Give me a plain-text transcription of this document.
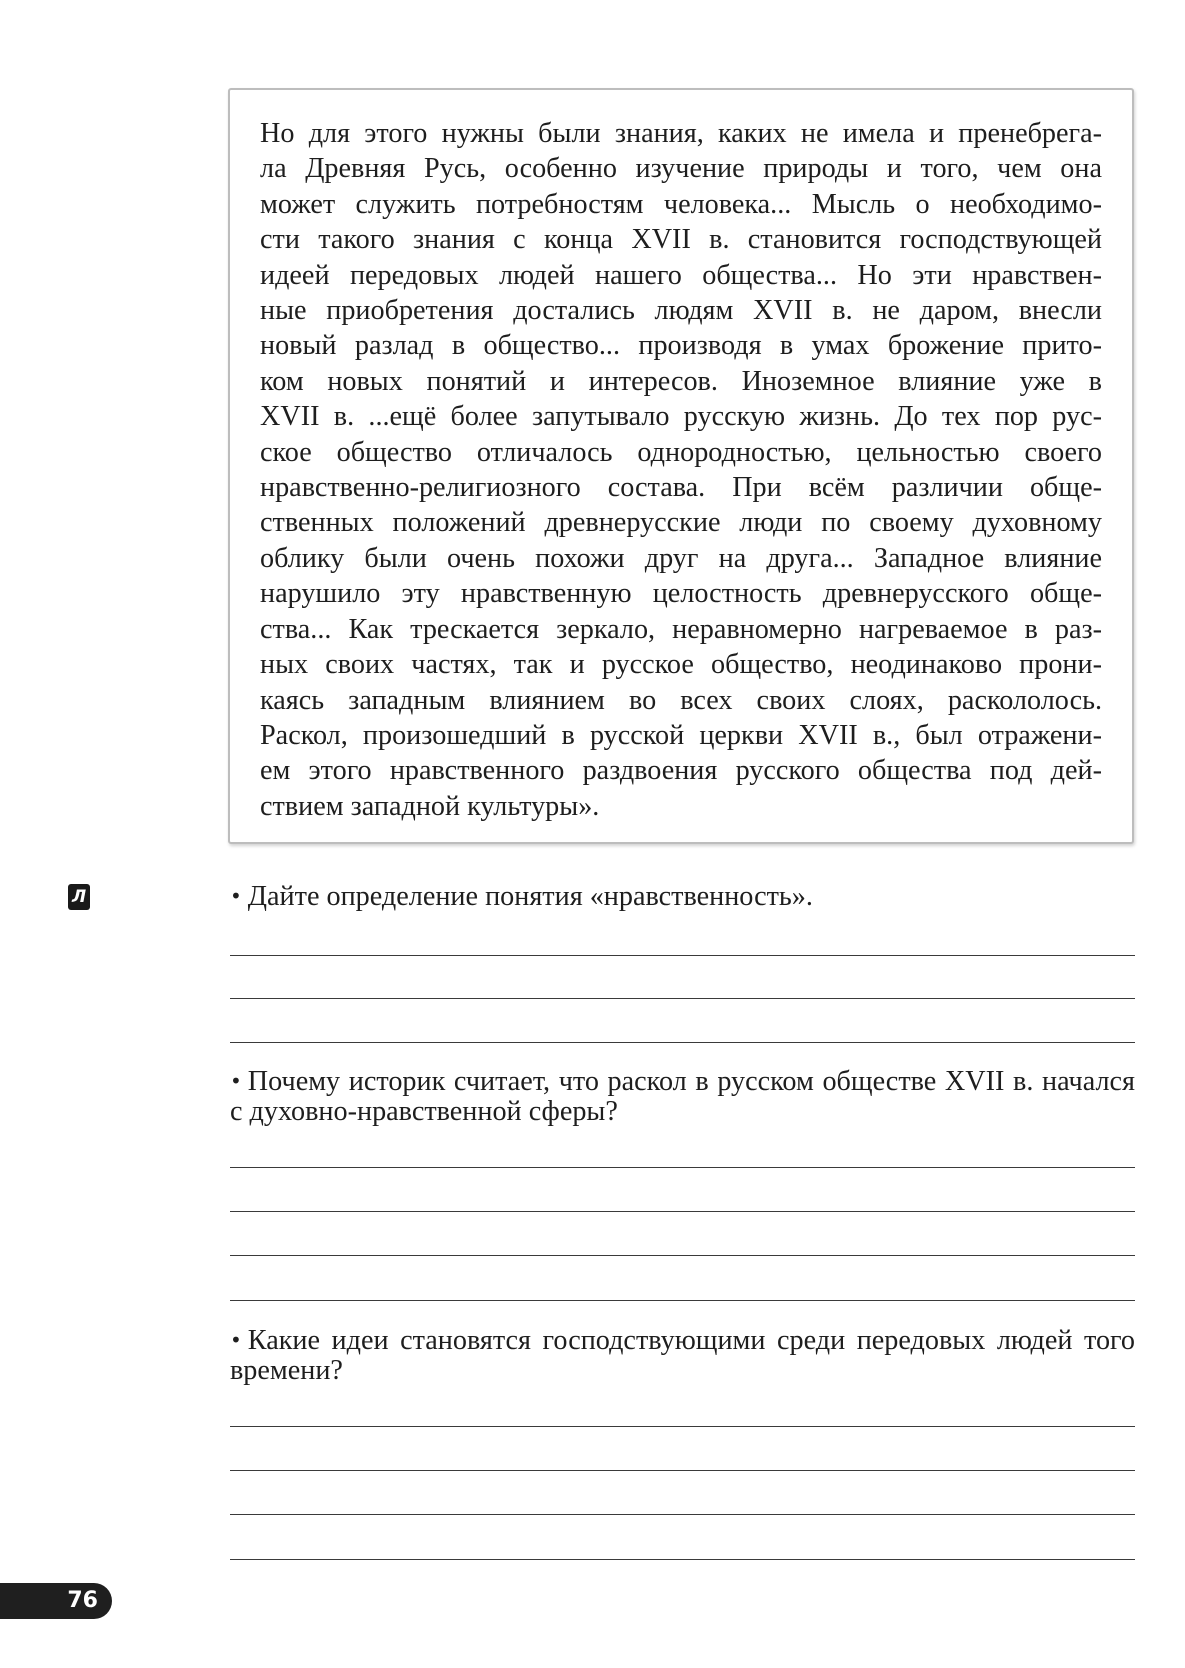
Но для этого нужны были знания, каких не имела и пренебрега-
ла Древняя Русь, особенно изучение природы и того, чем она
может служить потребностям человека... Мысль о необходимо-
сти такого знания с конца XVII в. становится господствующей
идеей передовых людей нашего общества... Но эти нравствен-
ные приобретения достались людям XVII в. не даром, внесли
новый разлад в общество... производя в умах брожение прито-
ком новых понятий и интересов. Иноземное влияние уже в
XVII в. ...ещё более запутывало русскую жизнь. До тех пор рус-
ское общество отличалось однородностью, цельностью своего
нравственно-религиозного состава. При всём различии обще-
ственных положений древнерусские люди по своему духовному
облику были очень похожи друг на друга... Западное влияние
нарушило эту нравственную целостность древнерусского обще-
ства... Как трескается зеркало, неравномерно нагреваемое в раз-
ных своих частях, так и русское общество, неодинаково прони-
каясь западным влиянием во всех своих слоях, раскололось.
Раскол, произошедший в русской церкви XVII в., был отражени-
ем этого нравственного раздвоения русского общества под дей-
ствием западной культуры».
Л	• Дайте определение понятия «нравственность».
• Почему историк считает, что раскол в русском обществе XVII в. начался с духовно-нравственной сферы?
• Какие идеи становятся господствующими среди передовых людей того времени?
76
